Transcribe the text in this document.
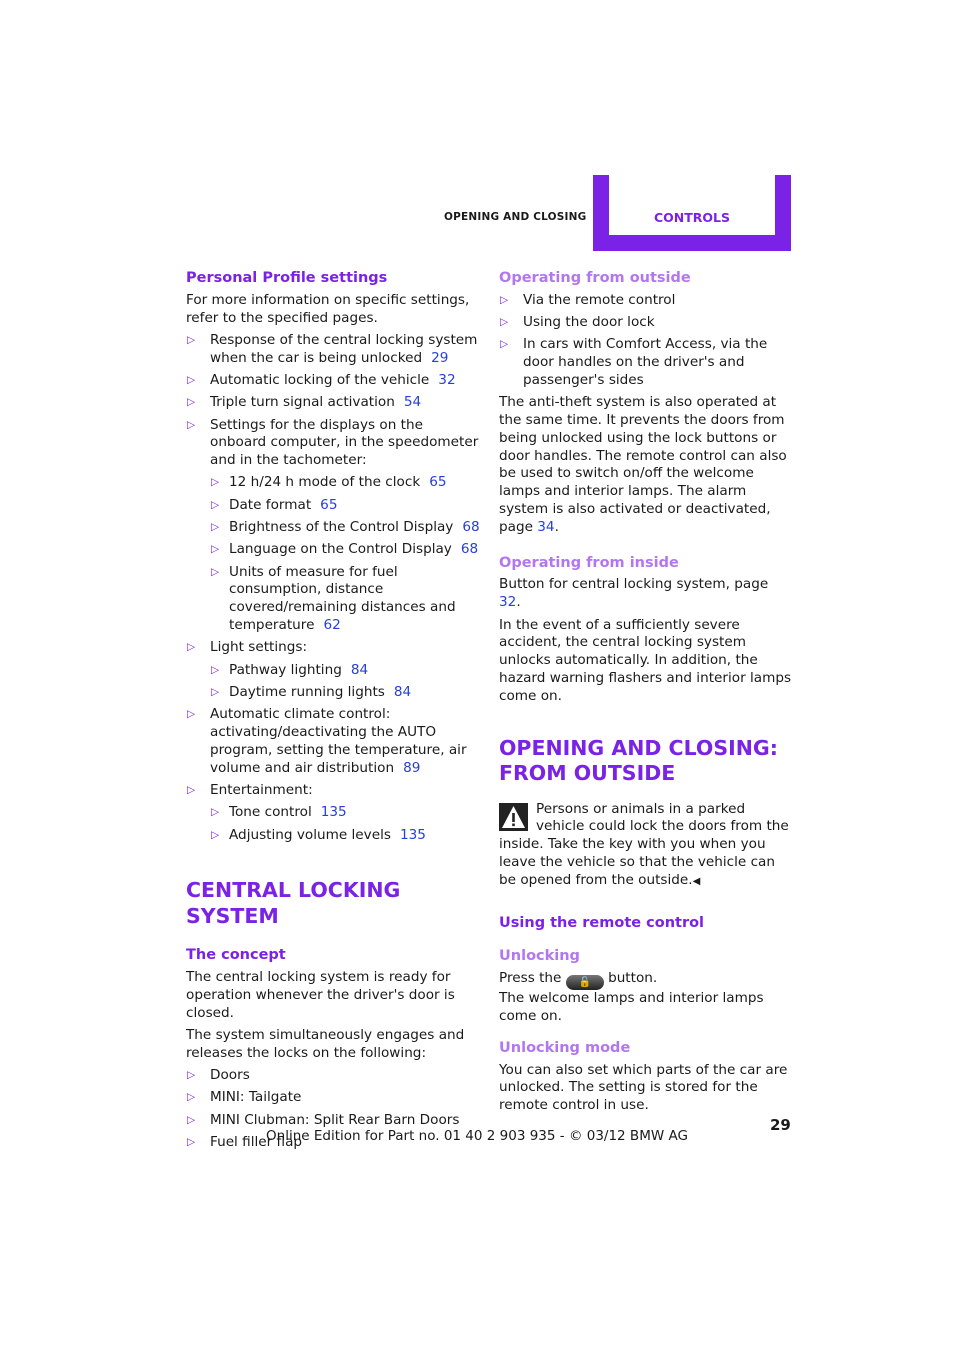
OPENING AND CLOSING	CONTROLS
Personal Profile settings

For more information on specific settings, refer to the specified pages.

▷ Response of the central locking system when the car is being unlocked 29
▷ Automatic locking of the vehicle 32
▷ Triple turn signal activation 54
▷ Settings for the displays on the onboard computer, in the speedometer and in the tachometer:
▷ 12 h/24 h mode of the clock 65
▷ Date format 65
▷ Brightness of the Control Display 68
▷ Language on the Control Display 68
▷ Units of measure for fuel consumption, distance covered/remaining distances and temperature 62
▷ Light settings:
▷ Pathway lighting 84
▷ Daytime running lights 84
▷ Automatic climate control: activating/deactivating the AUTO program, setting the temperature, air volume and air distribution 89
▷ Entertainment:
▷ Tone control 135
▷ Adjusting volume levels 135
CENTRAL LOCKING SYSTEM
The concept

The central locking system is ready for operation whenever the driver's door is closed.

The system simultaneously engages and releases the locks on the following:

▷ Doors
▷ MINI: Tailgate
▷ MINI Clubman: Split Rear Barn Doors
▷ Fuel filler flap
Operating from outside
▷ Via the remote control
▷ Using the door lock
▷ In cars with Comfort Access, via the door handles on the driver's and passenger's sides

The anti-theft system is also operated at the same time. It prevents the doors from being unlocked using the lock buttons or door handles. The remote control can also be used to switch on/off the welcome lamps and interior lamps. The alarm system is also activated or deactivated, page 34.

Operating from inside

Button for central locking system, page 32.

In the event of a sufficiently severe accident, the central locking system unlocks automatically. In addition, the hazard warning flashers and interior lamps come on.

OPENING AND CLOSING:
FROM OUTSIDE
Persons or animals in a parked vehicle could lock the doors from the inside. Take the key with you when you leave the vehicle so that the vehicle can be opened from the outside.◀
Using the remote control
Unlocking
Press the 🔓 button.

The welcome lamps and interior lamps come on.

Unlocking mode

You can also set which parts of the car are unlocked. The setting is stored for the remote control in use.

29
Online Edition for Part no. 01 40 2 903 935 - © 03/12 BMW AG
